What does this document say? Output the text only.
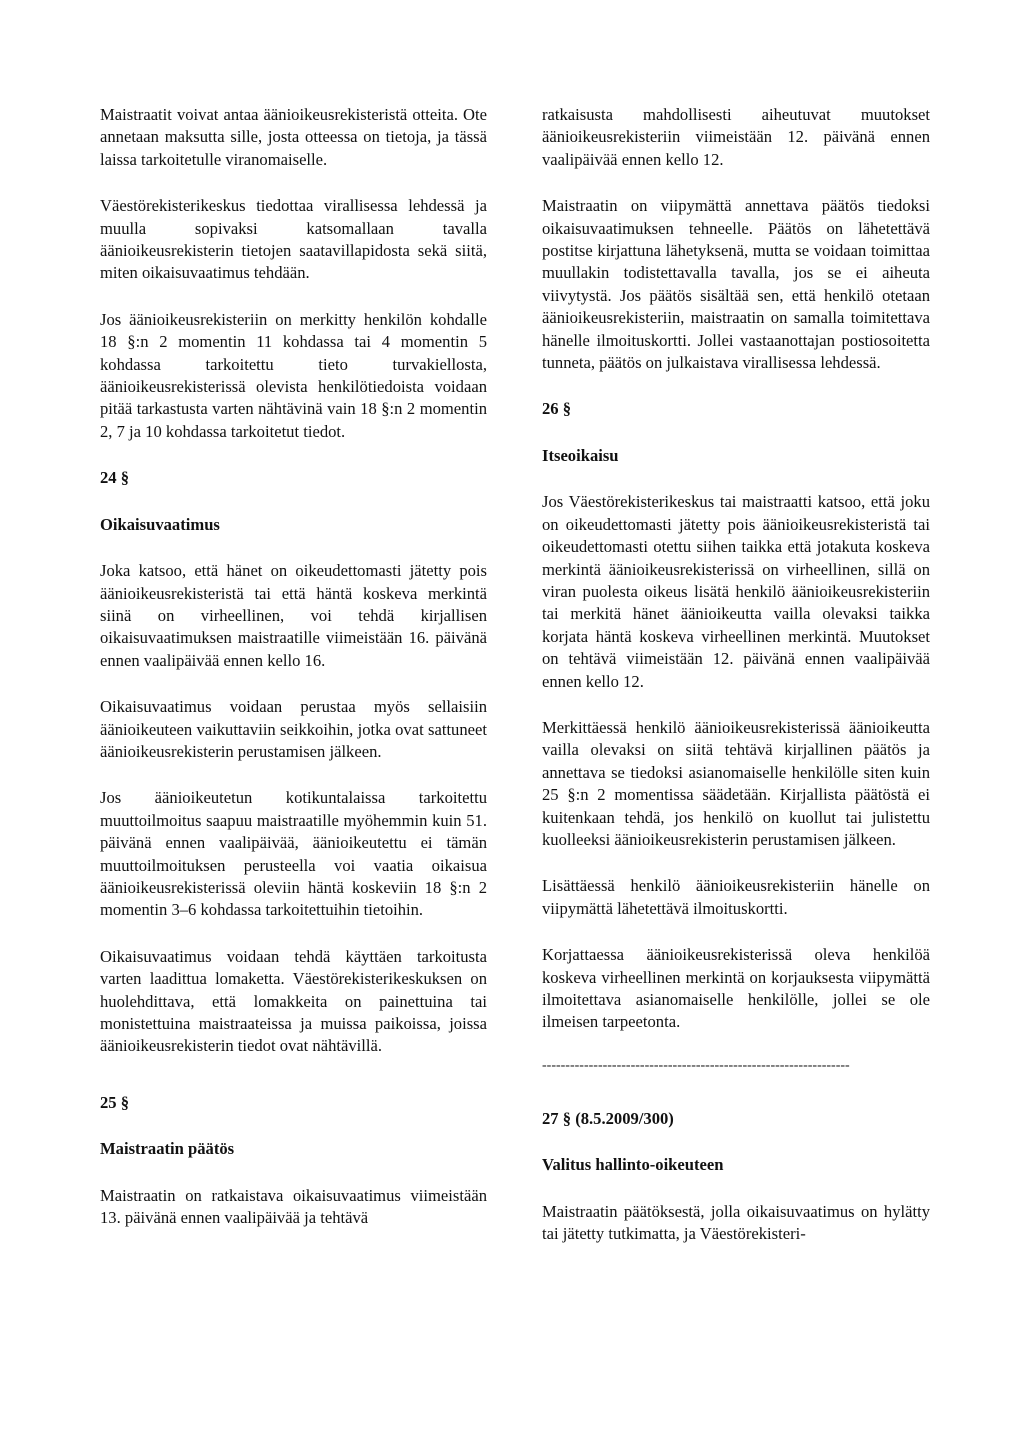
Maistraatit voivat antaa äänioikeusrekisteristä otteita. Ote annetaan maksutta sille, josta otteessa on tietoja, ja tässä laissa tarkoitetulle viranomaiselle.

Väestörekisterikeskus tiedottaa virallisessa lehdessä ja muulla sopivaksi katsomallaan tavalla äänioikeusrekisterin tietojen saatavillapidosta sekä siitä, miten oikaisuvaatimus tehdään.

Jos äänioikeusrekisteriin on merkitty henkilön kohdalle 18 §:n 2 momentin 11 kohdassa tai 4 momentin 5 kohdassa tarkoitettu tieto turvakiellosta, äänioikeusrekisterissä olevista henkilötiedoista voidaan pitää tarkastusta varten nähtävinä vain 18 §:n 2 momentin 2, 7 ja 10 kohdassa tarkoitetut tiedot.

24 §
Oikaisuvaatimus

Joka katsoo, että hänet on oikeudettomasti jätetty pois äänioikeusrekisteristä tai että häntä koskeva merkintä siinä on virheellinen, voi tehdä kirjallisen oikaisuvaatimuksen maistraatille viimeistään 16. päivänä ennen vaalipäivää ennen kello 16.

Oikaisuvaatimus voidaan perustaa myös sellaisiin äänioikeuteen vaikuttaviin seikkoihin, jotka ovat sattuneet äänioikeusrekisterin perustamisen jälkeen.

Jos äänioikeutetun kotikuntalaissa tarkoitettu muuttoilmoitus saapuu maistraatille myöhemmin kuin 51. päivänä ennen vaalipäivää, äänioikeutettu ei tämän muuttoilmoituksen perusteella voi vaatia oikaisua äänioikeusrekisterissä oleviin häntä koskeviin 18 §:n 2 momentin 3–6 kohdassa tarkoitettuihin tietoihin.

Oikaisuvaatimus voidaan tehdä käyttäen tarkoitusta varten laadittua lomaketta. Väestörekisterikeskuksen on huolehdittava, että lomakkeita on painettuina tai monistettuina maistraateissa ja muissa paikoissa, joissa äänioikeusrekisterin tiedot ovat nähtävillä.

25 §
Maistraatin päätös

Maistraatin on ratkaistava oikaisuvaatimus viimeistään 13. päivänä ennen vaalipäivää ja tehtävä

ratkaisusta mahdollisesti aiheutuvat muutokset äänioikeusrekisteriin viimeistään 12. päivänä ennen vaalipäivää ennen kello 12.

Maistraatin on viipymättä annettava päätös tiedoksi oikaisuvaatimuksen tehneelle. Päätös on lähetettävä postitse kirjattuna lähetyksenä, mutta se voidaan toimittaa muullakin todistettavalla tavalla, jos se ei aiheuta viivytystä. Jos päätös sisältää sen, että henkilö otetaan äänioikeusrekisteriin, maistraatin on samalla toimitettava hänelle ilmoituskortti. Jollei vastaanottajan postiosoitetta tunneta, päätös on julkaistava virallisessa lehdessä.

26 §
Itseoikaisu

Jos Väestörekisterikeskus tai maistraatti katsoo, että joku on oikeudettomasti jätetty pois äänioikeusrekisteristä tai oikeudettomasti otettu siihen taikka että jotakuta koskeva merkintä äänioikeusrekisterissä on virheellinen, sillä on viran puolesta oikeus lisätä henkilö äänioikeusrekisteriin tai merkitä hänet äänioikeutta vailla olevaksi taikka korjata häntä koskeva virheellinen merkintä. Muutokset on tehtävä viimeistään 12. päivänä ennen vaalipäivää ennen kello 12.

Merkittäessä henkilö äänioikeusrekisterissä äänioikeutta vailla olevaksi on siitä tehtävä kirjallinen päätös ja annettava se tiedoksi asianomaiselle henkilölle siten kuin 25 §:n 2 momentissa säädetään. Kirjallista päätöstä ei kuitenkaan tehdä, jos henkilö on kuollut tai julistettu kuolleeksi äänioikeusrekisterin perustamisen jälkeen.

Lisättäessä henkilö äänioikeusrekisteriin hänelle on viipymättä lähetettävä ilmoituskortti.

Korjattaessa äänioikeusrekisterissä oleva henkilöä koskeva virheellinen merkintä on korjauksesta viipymättä ilmoitettava asianomaiselle henkilölle, jollei se ole ilmeisen tarpeetonta.

------------------------------------------------------------------
27 § (8.5.2009/300)
Valitus hallinto-oikeuteen

Maistraatin päätöksestä, jolla oikaisuvaatimus on hylätty tai jätetty tutkimatta, ja Väestörekisteri-
